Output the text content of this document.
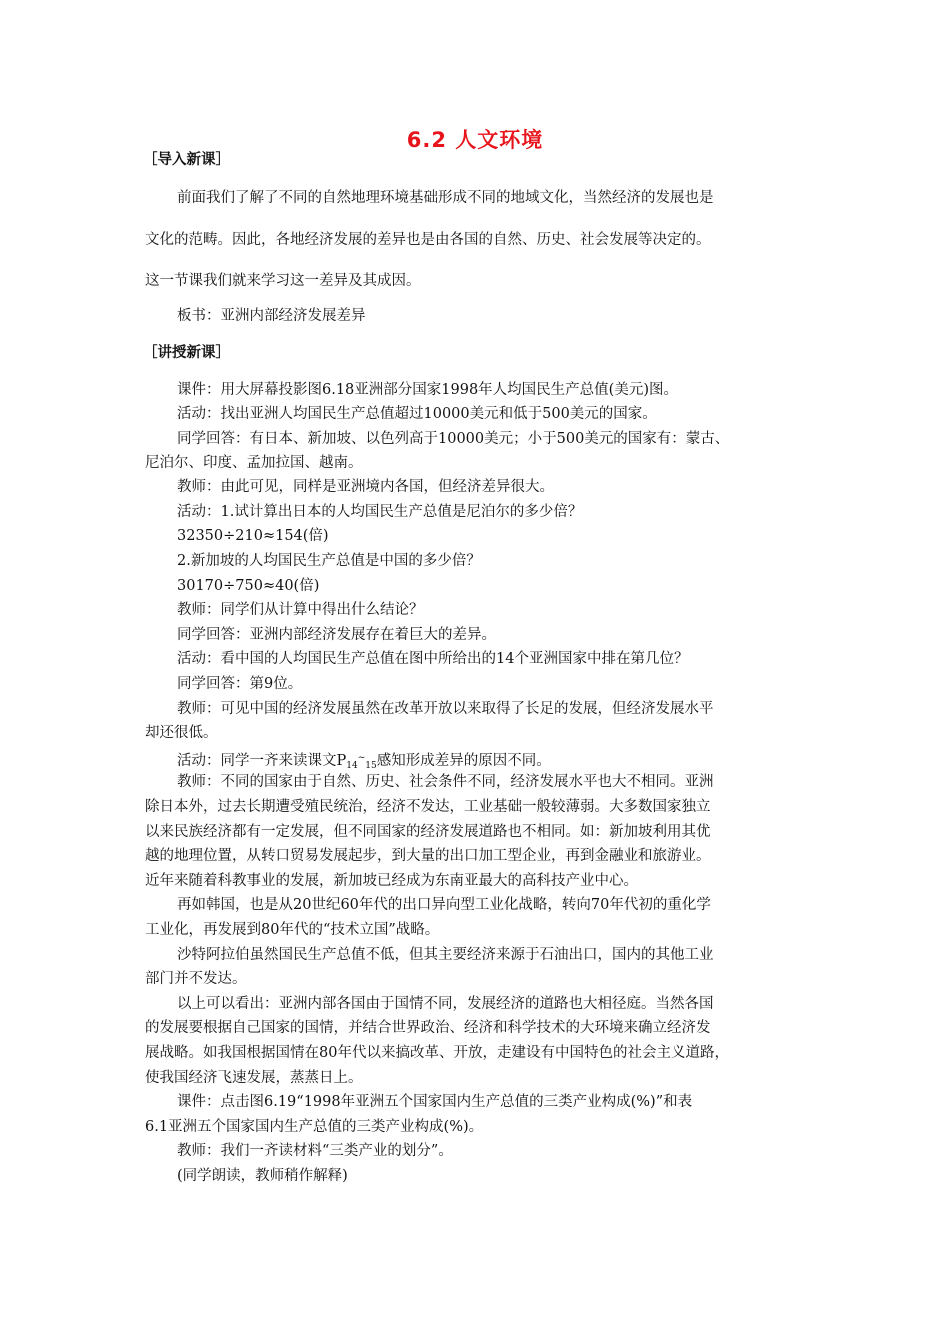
6.2 人文环境
［导入新课］
前面我们了解了不同的自然地理环境基础形成不同的地域文化，当然经济的发展也是
文化的范畴。因此，各地经济发展的差异也是由各国的自然、历史、社会发展等决定的。
这一节课我们就来学习这一差异及其成因。
板书：亚洲内部经济发展差异
［讲授新课］
课件：用大屏幕投影图6.18亚洲部分国家1998年人均国民生产总值(美元)图。
活动：找出亚洲人均国民生产总值超过10000美元和低于500美元的国家。
同学回答：有日本、新加坡、以色列高于10000美元；小于500美元的国家有：蒙古、
尼泊尔、印度、孟加拉国、越南。
教师：由此可见，同样是亚洲境内各国，但经济差异很大。
活动：1.试计算出日本的人均国民生产总值是尼泊尔的多少倍？
32350÷210≈154(倍)
2.新加坡的人均国民生产总值是中国的多少倍？
30170÷750≈40(倍)
教师：同学们从计算中得出什么结论？
同学回答：亚洲内部经济发展存在着巨大的差异。
活动：看中国的人均国民生产总值在图中所给出的14个亚洲国家中排在第几位？
同学回答：第9位。
教师：可见中国的经济发展虽然在改革开放以来取得了长足的发展，但经济发展水平
却还很低。
活动：同学一齐来读课文$P_{14}^\sim_{15}$感知形成差异的原因不同。
教师：不同的国家由于自然、历史、社会条件不同，经济发展水平也大不相同。亚洲
除日本外，过去长期遭受殖民统治，经济不发达，工业基础一般较薄弱。大多数国家独立
以来民族经济都有一定发展，但不同国家的经济发展道路也不相同。如：新加坡利用其优
越的地理位置，从转口贸易发展起步，到大量的出口加工型企业，再到金融业和旅游业。
近年来随着科教事业的发展，新加坡已经成为东南亚最大的高科技产业中心。
再如韩国，也是从20世纪60年代的出口异向型工业化战略，转向70年代初的重化学
工业化，再发展到80年代的“技术立国”战略。
沙特阿拉伯虽然国民生产总值不低，但其主要经济来源于石油出口，国内的其他工业
部门并不发达。
以上可以看出：亚洲内部各国由于国情不同，发展经济的道路也大相径庭。当然各国
的发展要根据自己国家的国情，并结合世界政治、经济和科学技术的大环境来确立经济发
展战略。如我国根据国情在80年代以来搞改革、开放，走建设有中国特色的社会主义道路，
使我国经济飞速发展，蒸蒸日上。
课件：点击图6.19“1998年亚洲五个国家国内生产总值的三类产业构成(%)”和表
6.1亚洲五个国家国内生产总值的三类产业构成(%)。
教师：我们一齐读材料“三类产业的划分”。
(同学朗读，教师稍作解释)
